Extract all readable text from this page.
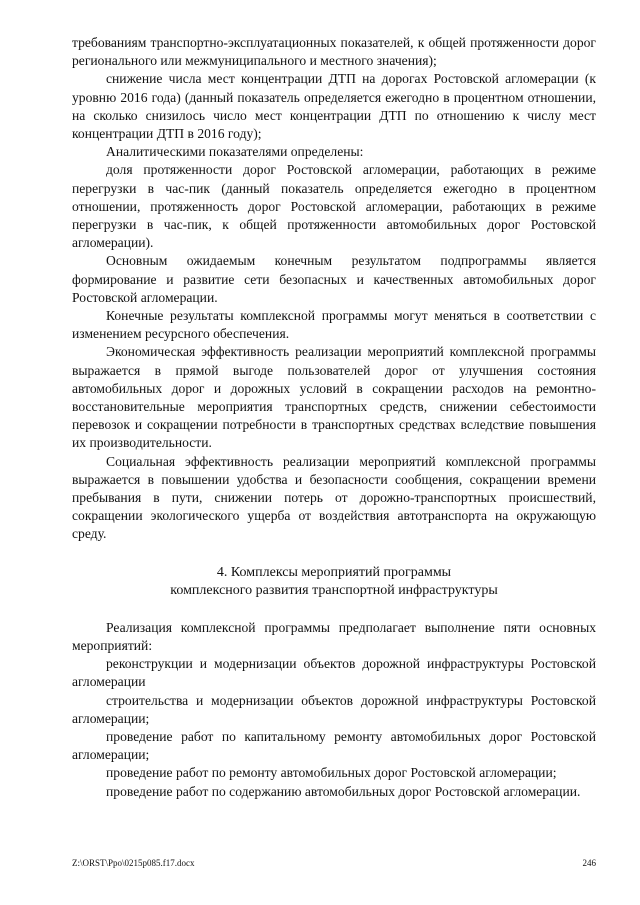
требованиям транспортно-эксплуатационных показателей, к общей протяженности дорог регионального или межмуниципального и местного значения);

снижение числа мест концентрации ДТП на дорогах Ростовской агломерации (к уровню 2016 года) (данный показатель определяется ежегодно в процентном отношении, на сколько снизилось число мест концентрации ДТП по отношению к числу мест концентрации ДТП в 2016 году);

Аналитическими показателями определены:

доля протяженности дорог Ростовской агломерации, работающих в режиме перегрузки в час-пик (данный показатель определяется ежегодно в процентном отношении, протяженность дорог Ростовской агломерации, работающих в режиме перегрузки в час-пик, к общей протяженности автомобильных дорог Ростовской агломерации).

Основным ожидаемым конечным результатом подпрограммы является формирование и развитие сети безопасных и качественных автомобильных дорог Ростовской агломерации.

Конечные результаты комплексной программы могут меняться в соответствии с изменением ресурсного обеспечения.

Экономическая эффективность реализации мероприятий комплексной программы выражается в прямой выгоде пользователей дорог от улучшения состояния автомобильных дорог и дорожных условий в сокращении расходов на ремонтно-восстановительные мероприятия транспортных средств, снижении себестоимости перевозок и сокращении потребности в транспортных средствах вследствие повышения их производительности.

Социальная эффективность реализации мероприятий комплексной программы выражается в повышении удобства и безопасности сообщения, сокращении времени пребывания в пути, снижении потерь от дорожно-транспортных происшествий, сокращении экологического ущерба от воздействия автотранспорта на окружающую среду.

4. Комплексы мероприятий программы
комплексного развития транспортной инфраструктуры

Реализация комплексной программы предполагает выполнение пяти основных мероприятий:

реконструкции и модернизации объектов дорожной инфраструктуры Ростовской агломерации

строительства и модернизации объектов дорожной инфраструктуры Ростовской агломерации;

проведение работ по капитальному ремонту автомобильных дорог Ростовской агломерации;

проведение работ по ремонту автомобильных дорог Ростовской агломерации;

проведение работ по содержанию автомобильных дорог Ростовской агломерации.

Z:\ORST\Ppo\0215p085.f17.docx	246
